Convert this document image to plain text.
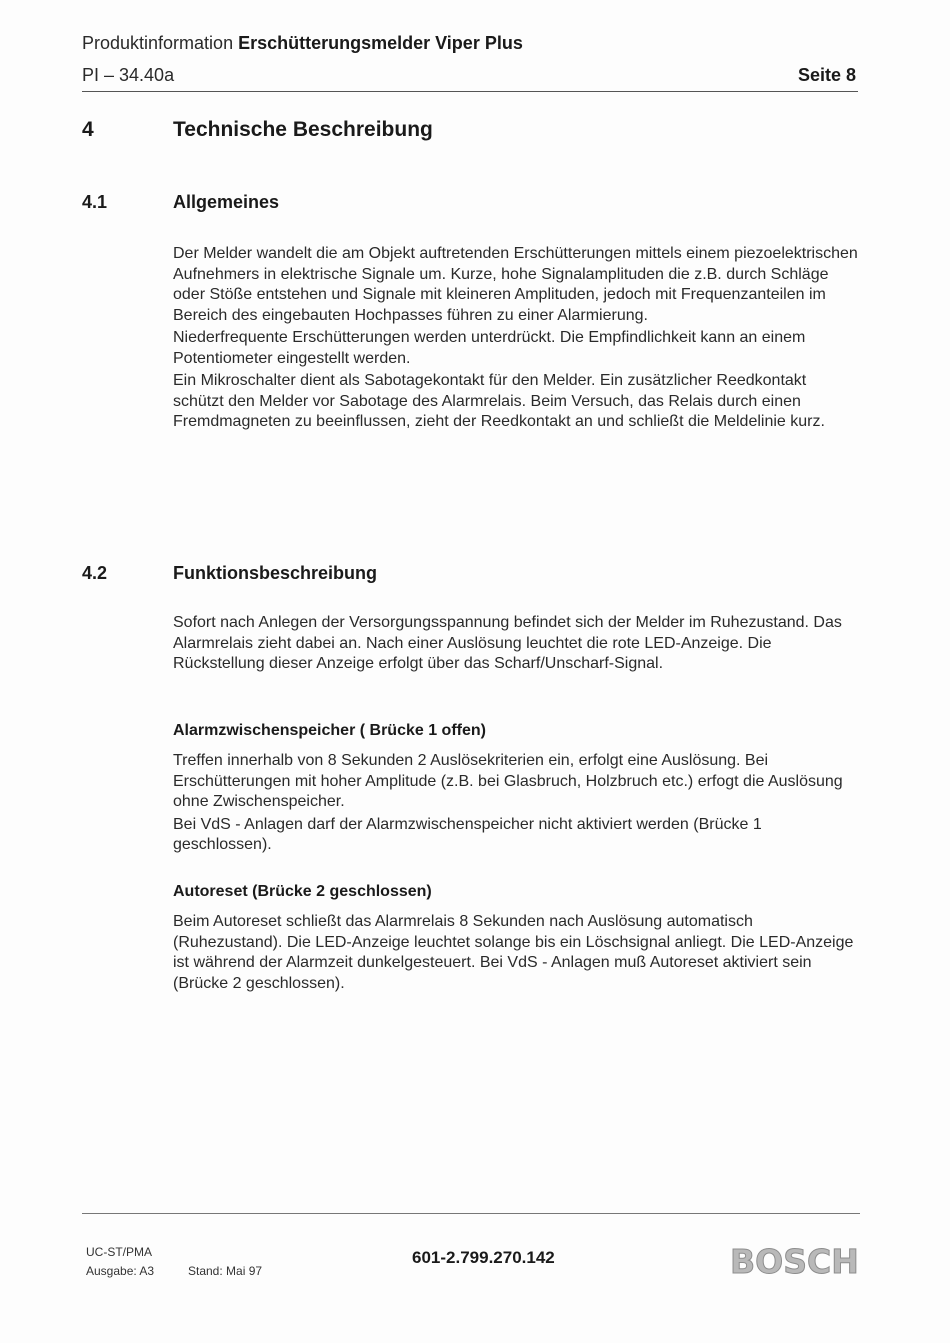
Produktinformation Erschütterungsmelder Viper Plus
PI – 34.40a	Seite 8
4	Technische Beschreibung
4.1	Allgemeines

Der Melder wandelt die am Objekt auftretenden Erschütterungen mittels einem piezoelektrischen Aufnehmers in elektrische Signale um. Kurze, hohe Signalamplituden die z.B. durch Schläge oder Stöße entstehen und Signale mit kleineren Amplituden, jedoch mit Frequenzanteilen im Bereich des eingebauten Hochpasses führen zu einer Alarmierung.

Niederfrequente Erschütterungen werden unterdrückt. Die Empfindlichkeit kann an einem Potentiometer eingestellt werden.

Ein Mikroschalter dient als Sabotagekontakt für den Melder. Ein zusätzlicher Reedkontakt schützt den Melder vor Sabotage des Alarmrelais. Beim Versuch, das Relais durch einen Fremdmagneten zu beeinflussen, zieht der Reedkontakt an und schließt die Meldelinie kurz.

4.2	Funktionsbeschreibung

Sofort nach Anlegen der Versorgungsspannung befindet sich der Melder im Ruhezustand. Das Alarmrelais zieht dabei an. Nach einer Auslösung leuchtet die rote LED-Anzeige. Die Rückstellung dieser Anzeige erfolgt über das Scharf/Unscharf-Signal.

Alarmzwischenspeicher ( Brücke 1 offen)

Treffen innerhalb von 8 Sekunden 2 Auslösekriterien ein, erfolgt eine Auslösung. Bei Erschütterungen mit hoher Amplitude (z.B. bei Glasbruch, Holzbruch etc.) erfogt die Auslösung ohne Zwischenspeicher.

Bei VdS - Anlagen darf der Alarmzwischenspeicher nicht aktiviert werden (Brücke 1 geschlossen).

Autoreset (Brücke 2 geschlossen)

Beim Autoreset schließt das Alarmrelais 8 Sekunden nach Auslösung automatisch (Ruhezustand). Die LED-Anzeige leuchtet solange bis ein Löschsignal anliegt. Die LED-Anzeige ist während der Alarmzeit dunkelgesteuert. Bei VdS - Anlagen muß Autoreset aktiviert sein (Brücke 2 geschlossen).

UC-ST/PMA
Ausgabe: A3	Stand: Mai 97
601-2.799.270.142	BOSCH
